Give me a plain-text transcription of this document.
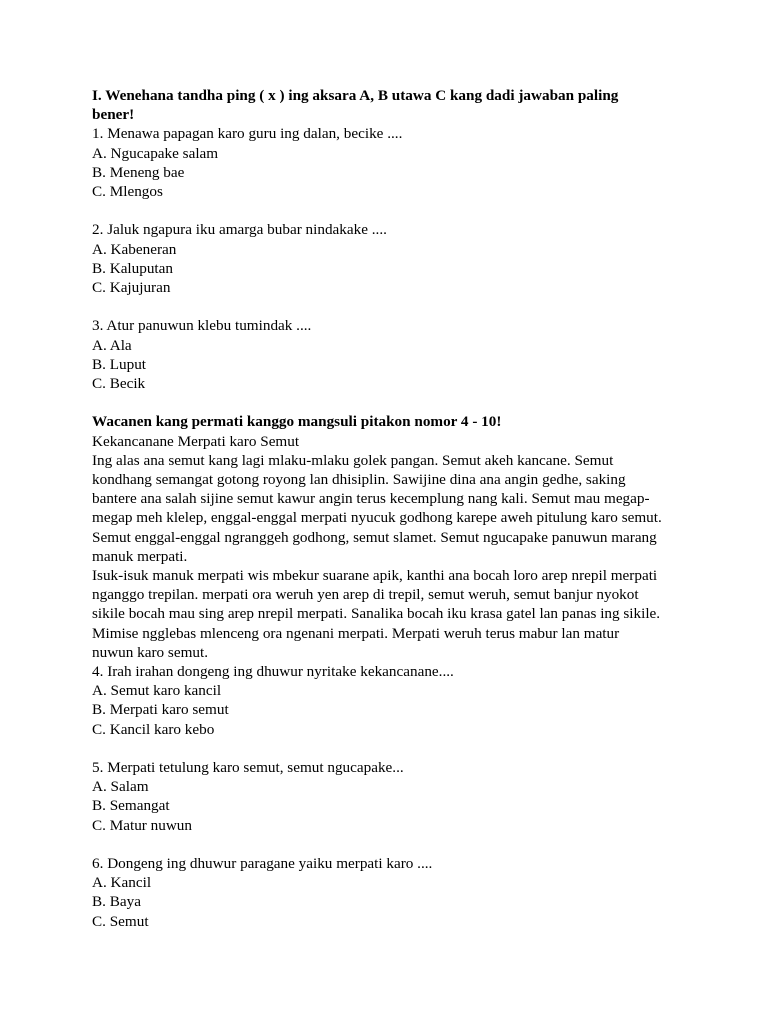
I. Wenehana tandha ping ( x ) ing aksara A, B utawa C kang dadi jawaban paling
bener!
1. Menawa papagan karo guru ing dalan, becike ....
A. Ngucapake salam
B. Meneng bae
C. Mlengos
2. Jaluk ngapura iku amarga bubar nindakake ....
A. Kabeneran
B. Kaluputan
C. Kajujuran
3. Atur panuwun klebu tumindak ....
A. Ala
B. Luput
C. Becik
Wacanen kang permati kanggo mangsuli pitakon nomor 4 - 10!
Kekancanane Merpati karo Semut
Ing alas ana semut kang lagi mlaku-mlaku golek pangan. Semut akeh kancane. Semut
kondhang semangat gotong royong lan dhisiplin. Sawijine dina ana angin gedhe, saking
bantere ana salah sijine semut kawur angin terus kecemplung nang kali. Semut mau megap-
megap meh klelep, enggal-enggal merpati nyucuk godhong karepe aweh pitulung karo semut.
Semut enggal-enggal ngranggeh godhong, semut slamet. Semut ngucapake panuwun marang
manuk merpati.
Isuk-isuk manuk merpati wis mbekur suarane apik, kanthi ana bocah loro arep nrepil merpati
nganggo trepilan. merpati ora weruh yen arep di trepil, semut weruh, semut banjur nyokot
sikile bocah mau sing arep nrepil merpati. Sanalika bocah iku krasa gatel lan panas ing sikile.
Mimise ngglebas mlenceng ora ngenani merpati. Merpati weruh terus mabur lan matur
nuwun karo semut.
4. Irah irahan dongeng ing dhuwur nyritake kekancanane....
A. Semut karo kancil
B. Merpati karo semut
C. Kancil karo kebo
5. Merpati tetulung karo semut, semut ngucapake...
A. Salam
B. Semangat
C. Matur nuwun
6. Dongeng ing dhuwur paragane yaiku merpati karo ....
A. Kancil
B. Baya
C. Semut
